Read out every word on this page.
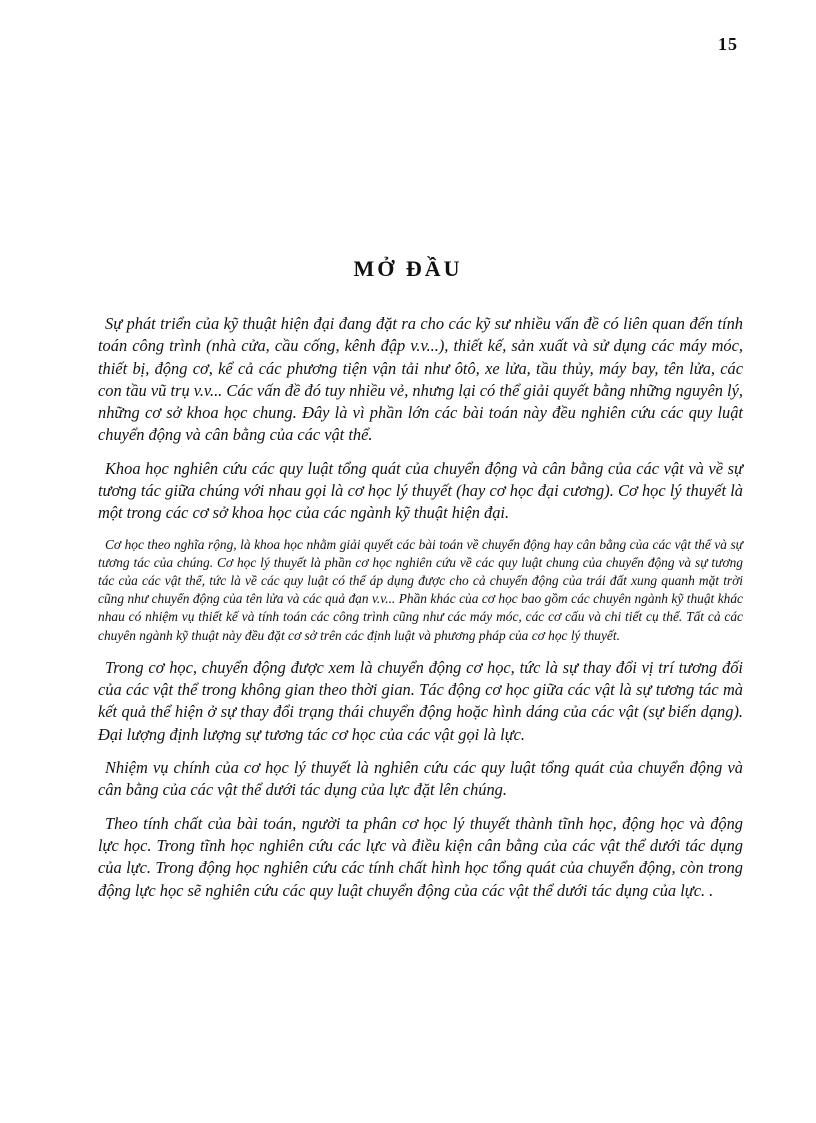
15
MỞ ĐẦU

Sự phát triển của kỹ thuật hiện đại đang đặt ra cho các kỹ sư nhiều vấn đề có liên quan đến tính toán công trình (nhà cửa, cầu cống, kênh đập v.v...), thiết kế, sản xuất và sử dụng các máy móc, thiết bị, động cơ, kể cả các phương tiện vận tải như ôtô, xe lửa, tầu thủy, máy bay, tên lửa, các con tầu vũ trụ v.v... Các vấn đề đó tuy nhiều vẻ, nhưng lại có thể giải quyết bằng những nguyên lý, những cơ sở khoa học chung. Đây là vì phần lớn các bài toán này đều nghiên cứu các quy luật chuyển động và cân bằng của các vật thể.

Khoa học nghiên cứu các quy luật tổng quát của chuyển động và cân bằng của các vật và về sự tương tác giữa chúng với nhau gọi là cơ học lý thuyết (hay cơ học đại cương). Cơ học lý thuyết là một trong các cơ sở khoa học của các ngành kỹ thuật hiện đại.

Cơ học theo nghĩa rộng, là khoa học nhằm giải quyết các bài toán về chuyển động hay cân bằng của các vật thể và sự tương tác của chúng. Cơ học lý thuyết là phần cơ học nghiên cứu về các quy luật chung của chuyển động và sự tương tác của các vật thể, tức là về các quy luật có thể áp dụng được cho cả chuyển động của trái đất xung quanh mặt trời cũng như chuyển động của tên lửa và các quả đạn v.v... Phần khác của cơ học bao gồm các chuyên ngành kỹ thuật khác nhau có nhiệm vụ thiết kế và tính toán các công trình cũng như các máy móc, các cơ cấu và chi tiết cụ thể. Tất cả các chuyên ngành kỹ thuật này đều đặt cơ sở trên các định luật và phương pháp của cơ học lý thuyết.

Trong cơ học, chuyển động được xem là chuyển động cơ học, tức là sự thay đổi vị trí tương đối của các vật thể trong không gian theo thời gian. Tác động cơ học giữa các vật là sự tương tác mà kết quả thể hiện ở sự thay đổi trạng thái chuyển động hoặc hình dáng của các vật (sự biến dạng). Đại lượng định lượng sự tương tác cơ học của các vật gọi là lực.

Nhiệm vụ chính của cơ học lý thuyết là nghiên cứu các quy luật tổng quát của chuyển động và cân bằng của các vật thể dưới tác dụng của lực đặt lên chúng.

Theo tính chất của bài toán, người ta phân cơ học lý thuyết thành tĩnh học, động học và động lực học. Trong tĩnh học nghiên cứu các lực và điều kiện cân bằng của các vật thể dưới tác dụng của lực. Trong động học nghiên cứu các tính chất hình học tổng quát của chuyển động, còn trong động lực học sẽ nghiên cứu các quy luật chuyển động của các vật thể dưới tác dụng của lực. .
